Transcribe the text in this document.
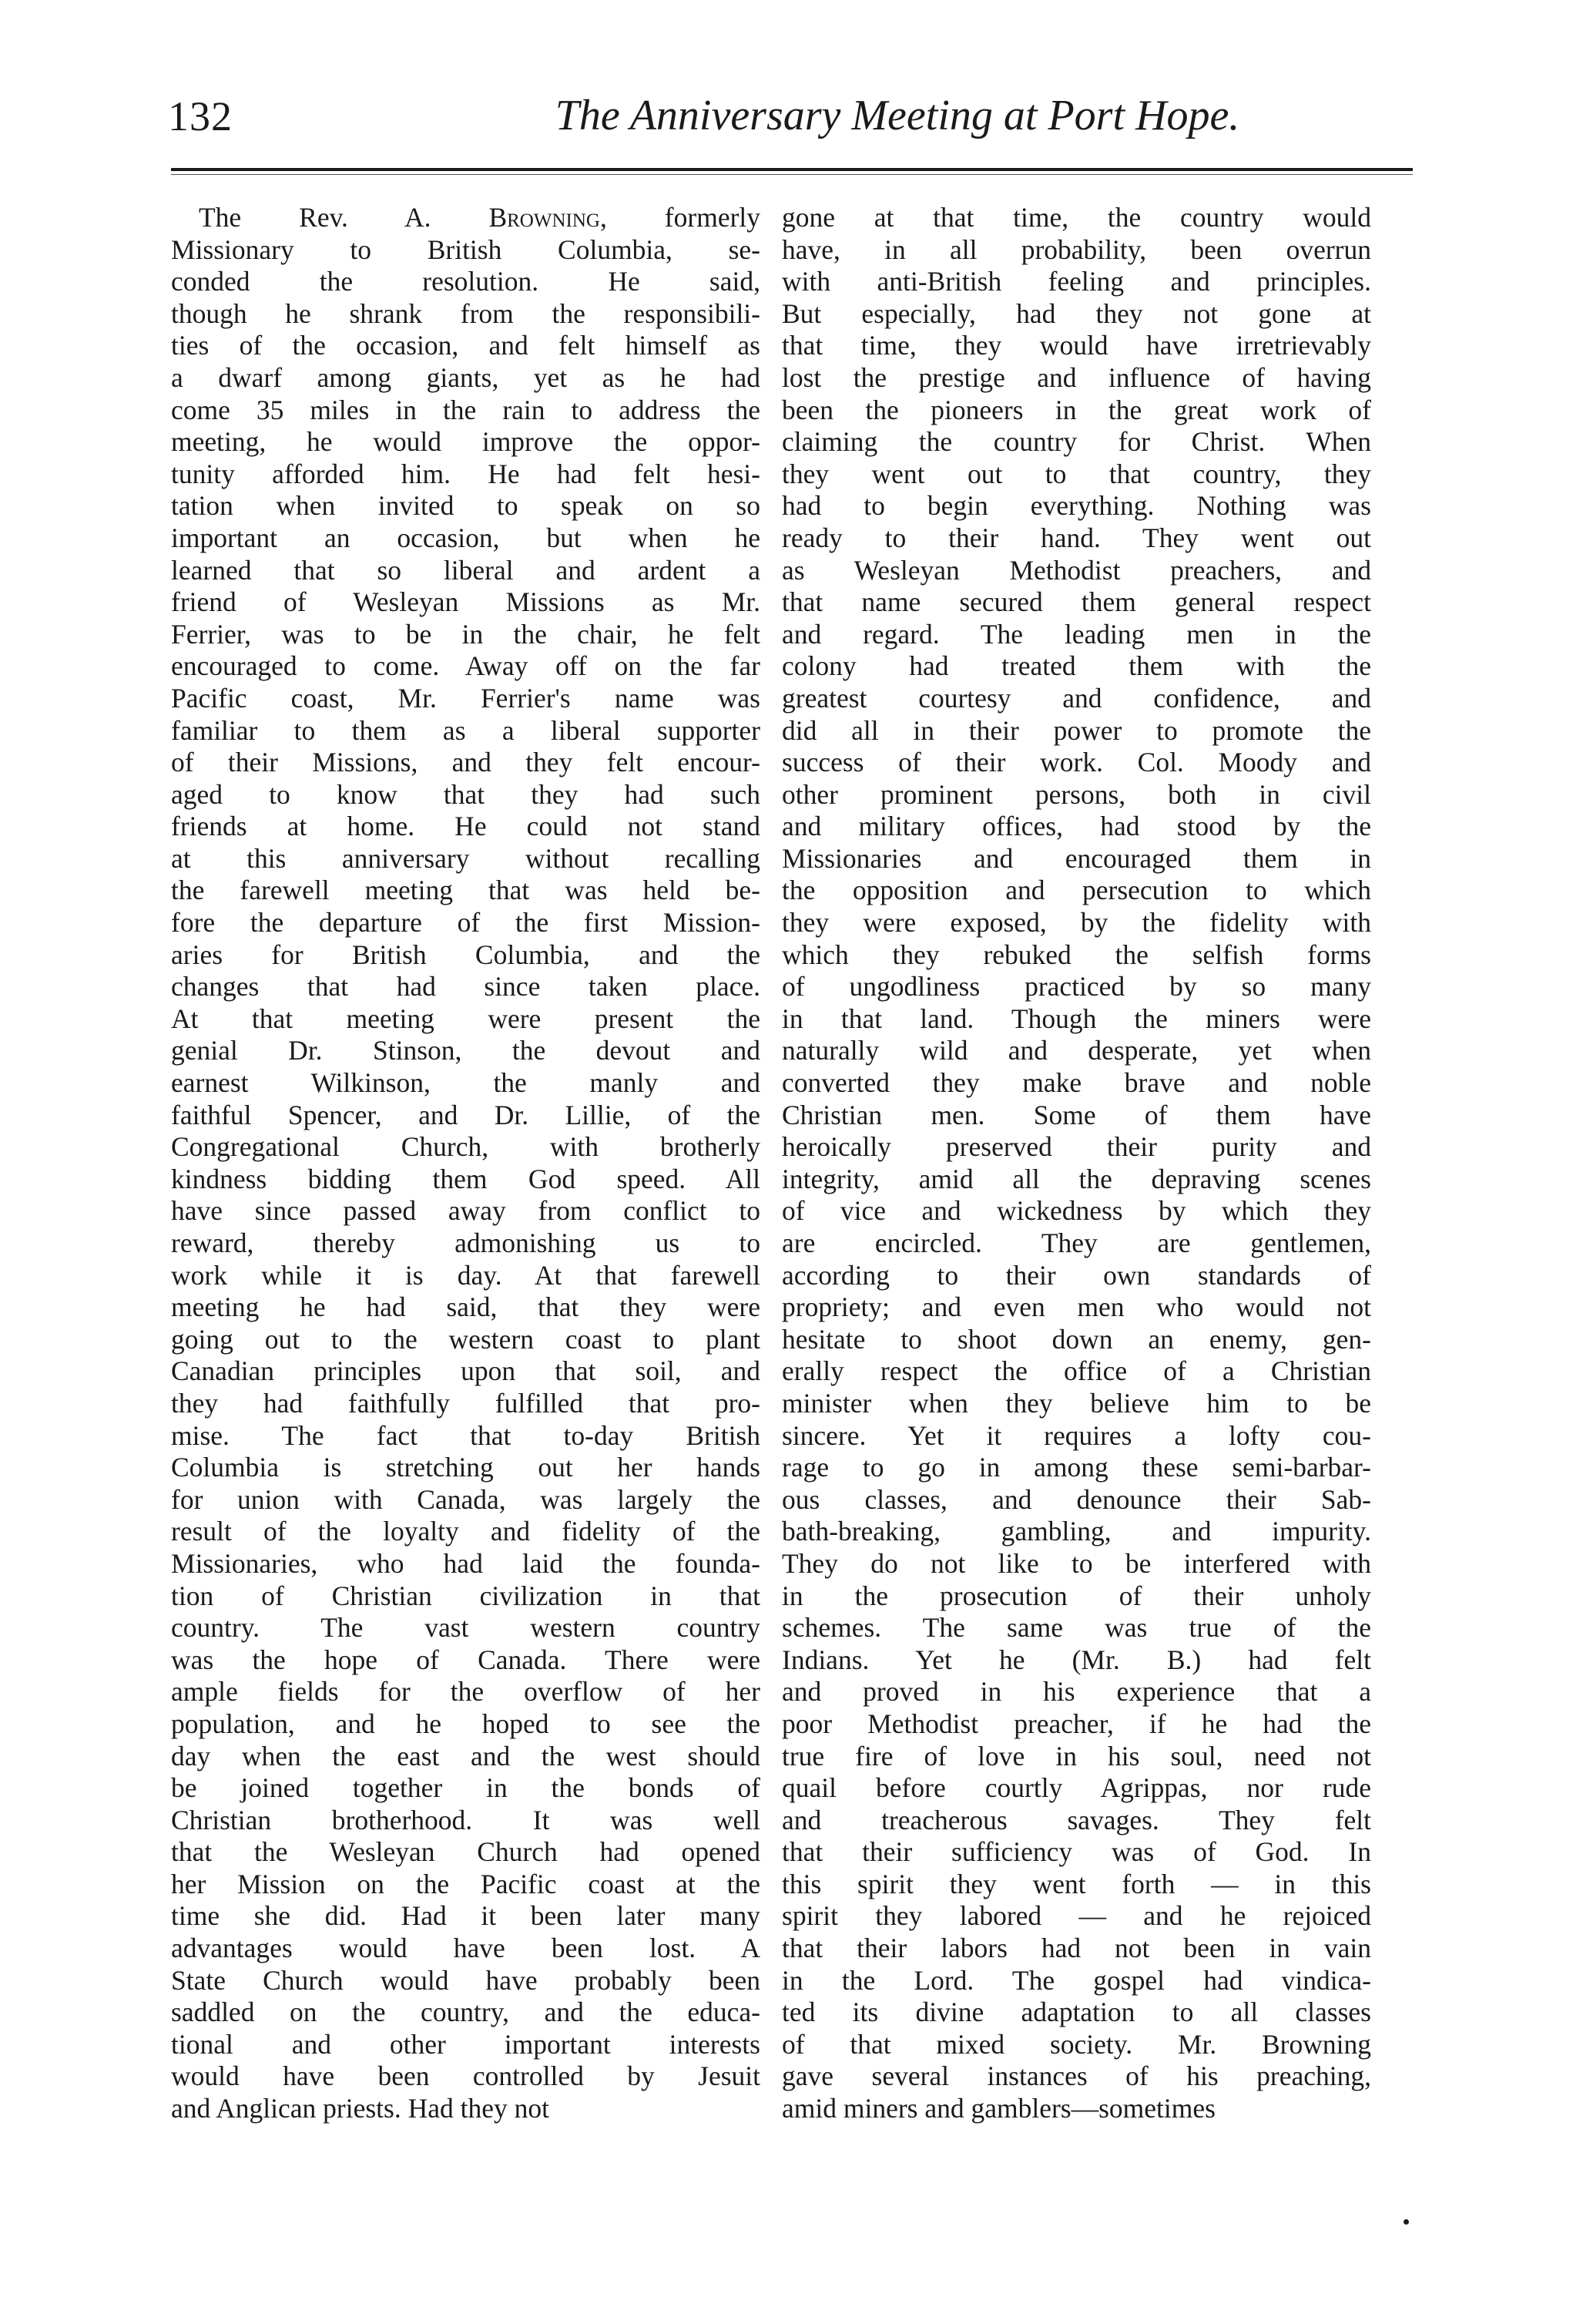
132	The Anniversary Meeting at Port Hope.
The Rev. A. Browning, formerly
Missionary to British Columbia, se-
conded the resolution. He said,
though he shrank from the responsibili-
ties of the occasion, and felt himself as
a dwarf among giants, yet as he had
come 35 miles in the rain to address the
meeting, he would improve the oppor-
tunity afforded him. He had felt hesi-
tation when invited to speak on so
important an occasion, but when he
learned that so liberal and ardent a
friend of Wesleyan Missions as Mr.
Ferrier, was to be in the chair, he felt
encouraged to come. Away off on the far
Pacific coast, Mr. Ferrier's name was
familiar to them as a liberal supporter
of their Missions, and they felt encour-
aged to know that they had such
friends at home. He could not stand
at this anniversary without recalling
the farewell meeting that was held be-
fore the departure of the first Mission-
aries for British Columbia, and the
changes that had since taken place.
At that meeting were present the
genial Dr. Stinson, the devout and
earnest Wilkinson, the manly and
faithful Spencer, and Dr. Lillie, of the
Congregational Church, with brotherly
kindness bidding them God speed. All
have since passed away from conflict to
reward, thereby admonishing us to
work while it is day. At that farewell
meeting he had said, that they were
going out to the western coast to plant
Canadian principles upon that soil, and
they had faithfully fulfilled that pro-
mise. The fact that to-day British
Columbia is stretching out her hands
for union with Canada, was largely the
result of the loyalty and fidelity of the
Missionaries, who had laid the founda-
tion of Christian civilization in that
country. The vast western country
was the hope of Canada. There were
ample fields for the overflow of her
population, and he hoped to see the
day when the east and the west should
be joined together in the bonds of
Christian brotherhood. It was well
that the Wesleyan Church had opened
her Mission on the Pacific coast at the
time she did. Had it been later many
advantages would have been lost. A
State Church would have probably been
saddled on the country, and the educa-
tional and other important interests
would have been controlled by Jesuit
and Anglican priests. Had they not
gone at that time, the country would
have, in all probability, been overrun
with anti-British feeling and principles.
But especially, had they not gone at
that time, they would have irretrievably
lost the prestige and influence of having
been the pioneers in the great work of
claiming the country for Christ. When
they went out to that country, they
had to begin everything. Nothing was
ready to their hand. They went out
as Wesleyan Methodist preachers, and
that name secured them general respect
and regard. The leading men in the
colony had treated them with the
greatest courtesy and confidence, and
did all in their power to promote the
success of their work. Col. Moody and
other prominent persons, both in civil
and military offices, had stood by the
Missionaries and encouraged them in
the opposition and persecution to which
they were exposed, by the fidelity with
which they rebuked the selfish forms
of ungodliness practiced by so many
in that land. Though the miners were
naturally wild and desperate, yet when
converted they make brave and noble
Christian men. Some of them have
heroically preserved their purity and
integrity, amid all the depraving scenes
of vice and wickedness by which they
are encircled. They are gentlemen,
according to their own standards of
propriety; and even men who would not
hesitate to shoot down an enemy, gen-
erally respect the office of a Christian
minister when they believe him to be
sincere. Yet it requires a lofty cou-
rage to go in among these semi-barbar-
ous classes, and denounce their Sab-
bath-breaking, gambling, and impurity.
They do not like to be interfered with
in the prosecution of their unholy
schemes. The same was true of the
Indians. Yet he (Mr. B.) had felt
and proved in his experience that a
poor Methodist preacher, if he had the
true fire of love in his soul, need not
quail before courtly Agrippas, nor rude
and treacherous savages. They felt
that their sufficiency was of God. In
this spirit they went forth — in this
spirit they labored — and he rejoiced
that their labors had not been in vain
in the Lord. The gospel had vindica-
ted its divine adaptation to all classes
of that mixed society. Mr. Browning
gave several instances of his preaching,
amid miners and gamblers—sometimes
